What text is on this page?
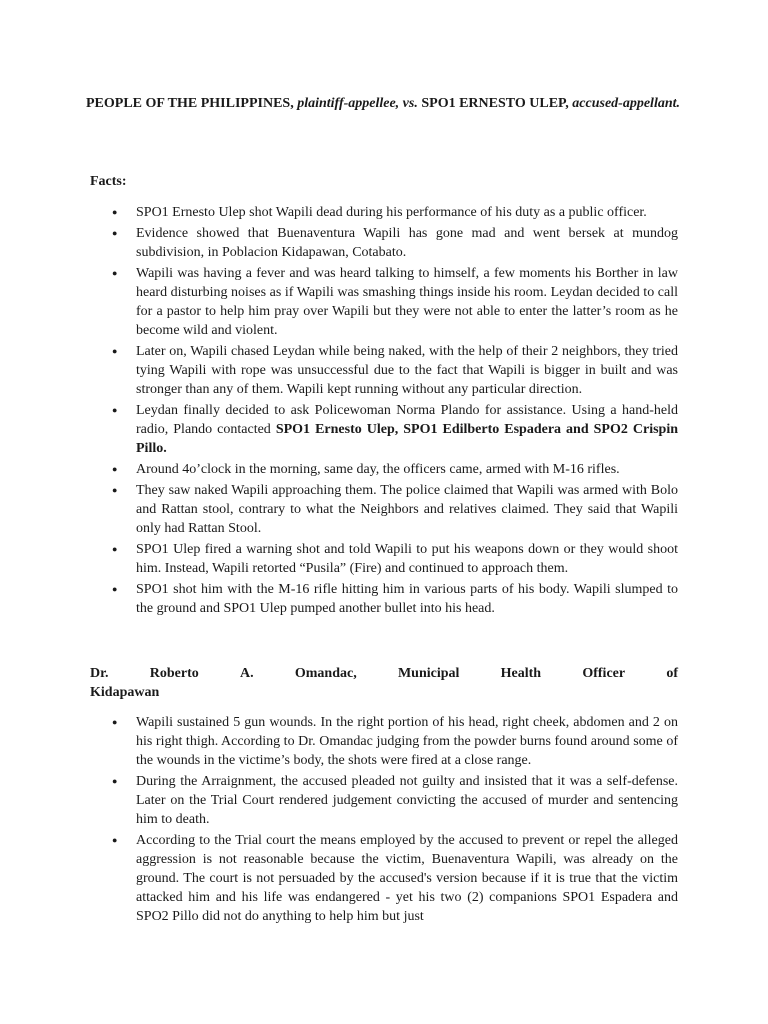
PEOPLE OF THE PHILIPPINES, plaintiff-appellee, vs. SPO1 ERNESTO ULEP, accused-appellant.
Facts:
● SPO1 Ernesto Ulep shot Wapili dead during his performance of his duty as a public officer.
● Evidence showed that Buenaventura Wapili has gone mad and went bersek at mundog subdivision, in Poblacion Kidapawan, Cotabato.
● Wapili was having a fever and was heard talking to himself, a few moments his Borther in law heard disturbing noises as if Wapili was smashing things inside his room. Leydan decided to call for a pastor to help him pray over Wapili but they were not able to enter the latter’s room as he become wild and violent.
● Later on, Wapili chased Leydan while being naked, with the help of their 2 neighbors, they tried tying Wapili with rope was unsuccessful due to the fact that Wapili is bigger in built and was stronger than any of them. Wapili kept running without any particular direction.
● Leydan finally decided to ask Policewoman Norma Plando for assistance. Using a hand-held radio, Plando contacted SPO1 Ernesto Ulep, SPO1 Edilberto Espadera and SPO2 Crispin Pillo.
● Around 4o’clock in the morning, same day, the officers came, armed with M-16 rifles.
● They saw naked Wapili approaching them. The police claimed that Wapili was armed with Bolo and Rattan stool, contrary to what the Neighbors and relatives claimed. They said that Wapili only had Rattan Stool.
● SPO1 Ulep fired a warning shot and told Wapili to put his weapons down or they would shoot him. Instead, Wapili retorted “Pusila” (Fire) and continued to approach them.
● SPO1 shot him with the M-16 rifle hitting him in various parts of his body. Wapili slumped to the ground and SPO1 Ulep pumped another bullet into his head.
Dr.	Roberto	A.	Omandac,	Municipal	Health	Officer	of
Kidapawan
● Wapili sustained 5 gun wounds. In the right portion of his head, right cheek, abdomen and 2 on his right thigh. According to Dr. Omandac judging from the powder burns found around some of the wounds in the victime’s body, the shots were fired at a close range.
● During the Arraignment, the accused pleaded not guilty and insisted that it was a self-defense. Later on the Trial Court rendered judgement convicting the accused of murder and sentencing him to death.
● According to the Trial court the means employed by the accused to prevent or repel the alleged aggression is not reasonable because the victim, Buenaventura Wapili, was already on the ground. The court is not persuaded by the accused's version because if it is true that the victim attacked him and his life was endangered - yet his two (2) companions SPO1 Espadera and SPO2 Pillo did not do anything to help him but just
